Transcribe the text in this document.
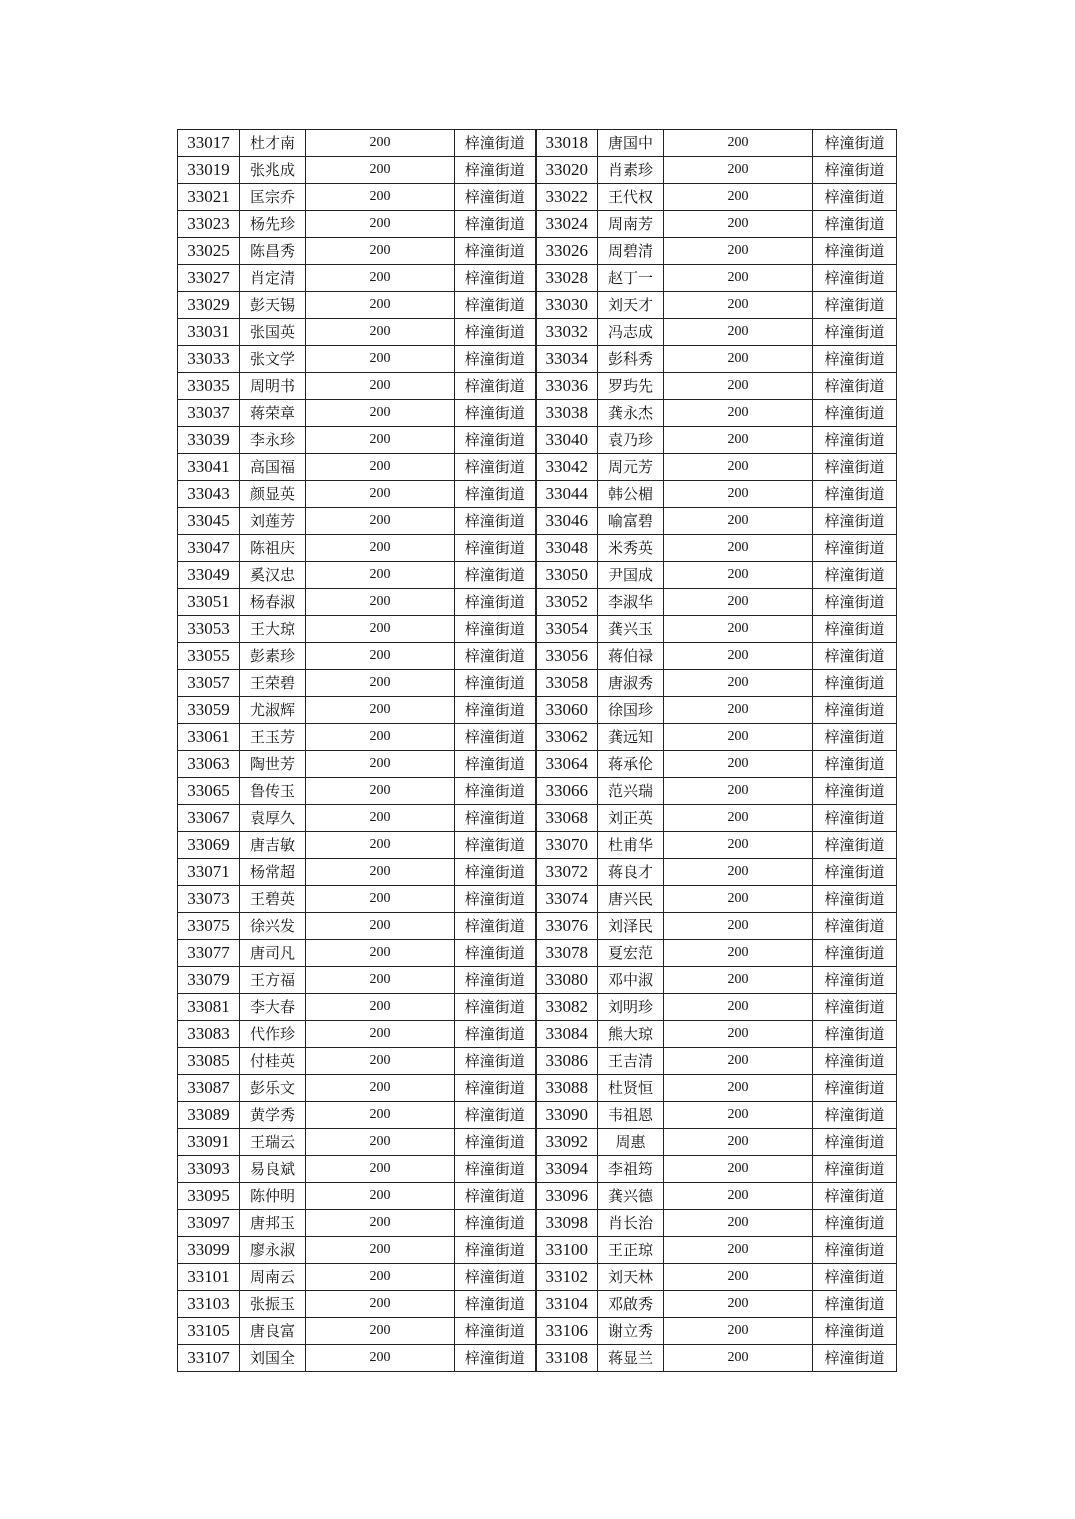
33017	杜才南	200	梓潼街道	33018	唐国中	200	梓潼街道
33019	张兆成	200	梓潼街道	33020	肖素珍	200	梓潼街道
33021	匡宗乔	200	梓潼街道	33022	王代权	200	梓潼街道
33023	杨先珍	200	梓潼街道	33024	周南芳	200	梓潼街道
33025	陈昌秀	200	梓潼街道	33026	周碧清	200	梓潼街道
33027	肖定清	200	梓潼街道	33028	赵丁一	200	梓潼街道
33029	彭天锡	200	梓潼街道	33030	刘天才	200	梓潼街道
33031	张国英	200	梓潼街道	33032	冯志成	200	梓潼街道
33033	张文学	200	梓潼街道	33034	彭科秀	200	梓潼街道
33035	周明书	200	梓潼街道	33036	罗玙先	200	梓潼街道
33037	蒋荣章	200	梓潼街道	33038	龚永杰	200	梓潼街道
33039	李永珍	200	梓潼街道	33040	袁乃珍	200	梓潼街道
33041	高国福	200	梓潼街道	33042	周元芳	200	梓潼街道
33043	颜显英	200	梓潼街道	33044	韩公楣	200	梓潼街道
33045	刘莲芳	200	梓潼街道	33046	喻富碧	200	梓潼街道
33047	陈祖庆	200	梓潼街道	33048	米秀英	200	梓潼街道
33049	奚汉忠	200	梓潼街道	33050	尹国成	200	梓潼街道
33051	杨春淑	200	梓潼街道	33052	李淑华	200	梓潼街道
33053	王大琼	200	梓潼街道	33054	龚兴玉	200	梓潼街道
33055	彭素珍	200	梓潼街道	33056	蒋伯禄	200	梓潼街道
33057	王荣碧	200	梓潼街道	33058	唐淑秀	200	梓潼街道
33059	尤淑辉	200	梓潼街道	33060	徐国珍	200	梓潼街道
33061	王玉芳	200	梓潼街道	33062	龚远知	200	梓潼街道
33063	陶世芳	200	梓潼街道	33064	蒋承伦	200	梓潼街道
33065	鲁传玉	200	梓潼街道	33066	范兴瑞	200	梓潼街道
33067	袁厚久	200	梓潼街道	33068	刘正英	200	梓潼街道
33069	唐吉敏	200	梓潼街道	33070	杜甫华	200	梓潼街道
33071	杨常超	200	梓潼街道	33072	蒋良才	200	梓潼街道
33073	王碧英	200	梓潼街道	33074	唐兴民	200	梓潼街道
33075	徐兴发	200	梓潼街道	33076	刘泽民	200	梓潼街道
33077	唐司凡	200	梓潼街道	33078	夏宏范	200	梓潼街道
33079	王方福	200	梓潼街道	33080	邓中淑	200	梓潼街道
33081	李大春	200	梓潼街道	33082	刘明珍	200	梓潼街道
33083	代作珍	200	梓潼街道	33084	熊大琼	200	梓潼街道
33085	付桂英	200	梓潼街道	33086	王吉清	200	梓潼街道
33087	彭乐文	200	梓潼街道	33088	杜贤恒	200	梓潼街道
33089	黄学秀	200	梓潼街道	33090	韦祖恩	200	梓潼街道
33091	王瑞云	200	梓潼街道	33092	周惠	200	梓潼街道
33093	易良斌	200	梓潼街道	33094	李祖筠	200	梓潼街道
33095	陈仲明	200	梓潼街道	33096	龚兴德	200	梓潼街道
33097	唐邦玉	200	梓潼街道	33098	肖长治	200	梓潼街道
33099	廖永淑	200	梓潼街道	33100	王正琼	200	梓潼街道
33101	周南云	200	梓潼街道	33102	刘天林	200	梓潼街道
33103	张振玉	200	梓潼街道	33104	邓啟秀	200	梓潼街道
33105	唐良富	200	梓潼街道	33106	谢立秀	200	梓潼街道
33107	刘国全	200	梓潼街道	33108	蒋显兰	200	梓潼街道
